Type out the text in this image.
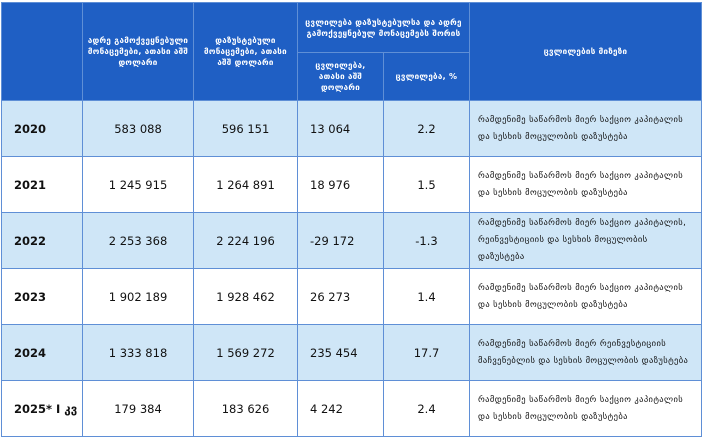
	ადრე გამოქვეყნებული მონაცემები, ათასი აშშ დოლარი	დაზუსტებული მონაცემები, ათასი აშშ დოლარი	ცვლილება დაზუსტებულსა და ადრე გამოქვეყნებულ მონაცემებს შორის		ცვლილების მიზეზი
			ცვლილება, ათასი აშშ დოლარი	ცვლილება, %	
2020	583 088	596 151	13 064	2.2	რამდენიმე საწარმოს მიერ საქციო კაპიტალის და სესხის მოცულობის დაზუსტება
2021	1 245 915	1 264 891	18 976	1.5	რამდენიმე საწარმოს მიერ საქციო კაპიტალის და სესხის მოცულობის დაზუსტება
2022	2 253 368	2 224 196	-29 172	-1.3	რამდენიმე საწარმოს მიერ საქციო კაპიტალის, რეინვესტიციის და სესხის მოცულობის დაზუსტება
2023	1 902 189	1 928 462	26 273	1.4	რამდენიმე საწარმოს მიერ საქციო კაპიტალის და სესხის მოცულობის დაზუსტება
2024	1 333 818	1 569 272	235 454	17.7	რამდენიმე საწარმოს მიერ რეინვესტიციის მაჩვენებლის და სესხის მოცულობის დაზუსტება
2025* I კვ	179 384	183 626	4 242	2.4	რამდენიმე საწარმოს მიერ საქციო კაპიტალის და სესხის მოცულობის დაზუსტება
